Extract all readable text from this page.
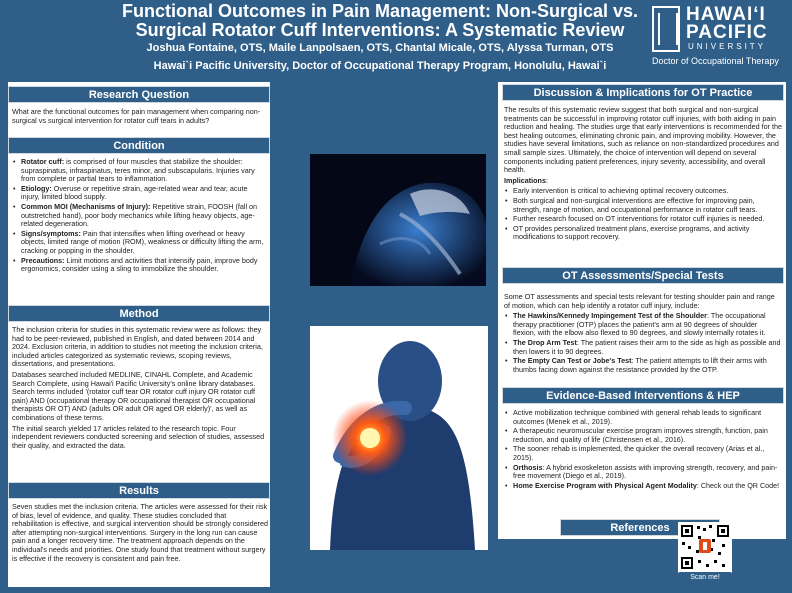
Functional Outcomes in Pain Management: Non-Surgical vs.
Surgical Rotator Cuff Interventions: A Systematic Review
Joshua Fontaine, OTS, Maile Lanpolsaen, OTS, Chantal Micale, OTS, Alyssa Turman, OTS
Hawai`i Pacific University, Doctor of Occupational Therapy Program, Honolulu, Hawai`i
HAWAIʻI
PACIFIC
UNIVERSITY
Doctor of Occupational Therapy
Research Question
What are the functional outcomes for pain management when comparing non-surgical vs surgical intervention for rotator cuff tears in adults?
Condition
• Rotator cuff: is comprised of four muscles that stabilize the shoulder: supraspinatus, infraspinatus, teres minor, and subscapularis. Injuries vary from complete or partial tears to inflammation.
• Etiology: Overuse or repetitive strain, age-related wear and tear, acute injury, limited blood supply.
• Common MOI (Mechanisms of Injury): Repetitive strain, FOOSH (fall on outstretched hand), poor body mechanics while lifting heavy objects, age-related degeneration.
• Signs/symptoms: Pain that intensifies when lifting overhead or heavy objects, limited range of motion (ROM), weakness or difficulty lifting the arm, cracking or popping in the shoulder.
• Precautions: Limit motions and activities that intensify pain, improve body ergonomics, consider using a sling to immobilize the shoulder.
Method

The inclusion criteria for studies in this systematic review were as follows: they had to be peer-reviewed, published in English, and dated between 2014 and 2024. Exclusion criteria, in addition to studies not meeting the inclusion criteria, included articles categorized as systematic reviews, scoping reviews, dissertations, and presentations.

Databases searched included MEDLINE, CINAHL Complete, and Academic Search Complete, using Hawai'i Pacific University's online library databases. Search terms included '(rotator cuff tear OR rotator cuff injury OR rotator cuff pain) AND (occupational therapy OR occupational therapist OR occupational therapists OR OT) AND (adults OR adult OR aged OR elderly)', as well as combinations of these terms.

The initial search yielded 17 articles related to the research topic. Four independent reviewers conducted screening and selection of studies, assessed their quality, and extracted the data.

Results
Seven studies met the inclusion criteria. The articles were assessed for their risk of bias, level of evidence, and quality. These studies concluded that rehabilitation is effective, and surgical intervention should be strongly considered after attempting non-surgical interventions. Surgery in the long run can cause pain and a longer recovery time. The treatment approach depends on the individual's needs and priorities. One study found that treatment without surgery is effective if the recovery is consistent and pain free.
Discussion & Implications for OT Practice

The results of this systematic review suggest that both surgical and non-surgical treatments can be successful in improving rotator cuff injuries, with both aiding in pain reduction and healing. The studies urge that early interventions is recommended for the best healing outcomes, eliminating chronic pain, and improving mobility. However, the studies have several limitations, such as reliance on non-standardized procedures and small sample sizes. Ultimately, the choice of intervention will depend on several components including patient preferences, injury severity, accessibility, and overall health.

Implications:

• Early intervention is critical to achieving optimal recovery outcomes.
• Both surgical and non-surgical interventions are effective for improving pain, strength, range of motion, and occupational performance in rotator cuff tears.
• Further research focused on OT interventions for rotator cuff injuries is needed.
• OT provides personalized treatment plans, exercise programs, and activity modifications to support recovery.
OT Assessments/Special Tests

Some OT assessments and special tests relevant for testing shoulder pain and range of motion, which can help identify a rotator cuff injury, include:

• The Hawkins/Kennedy Impingement Test of the Shoulder: The occupational therapy practitioner (OTP) places the patient's arm at 90 degrees of shoulder flexion, with the elbow also flexed to 90 degrees, and slowly internally rotates it.
• The Drop Arm Test: The patient raises their arm to the side as high as possible and then lowers it to 90 degrees.
• The Empty Can Test or Jobe's Test: The patient attempts to lift their arms with thumbs facing down against the resistance provided by the OTP.
Evidence-Based Interventions & HEP
• Active mobilization technique combined with general rehab leads to significant outcomes (Menek et al., 2019).
• A therapeutic neuromuscular exercise program improves strength, function, pain reduction, and quality of life (Christensen et al., 2016).
• The sooner rehab is implemented, the quicker the overall recovery (Arias et al., 2015).
• Orthosis: A hybrid exoskeleton assists with improving strength, recovery, and pain-free movement (Diego et al., 2019).
• Home Exercise Program with Physical Agent Modality: Check out the QR Code!
References
Scan me!
